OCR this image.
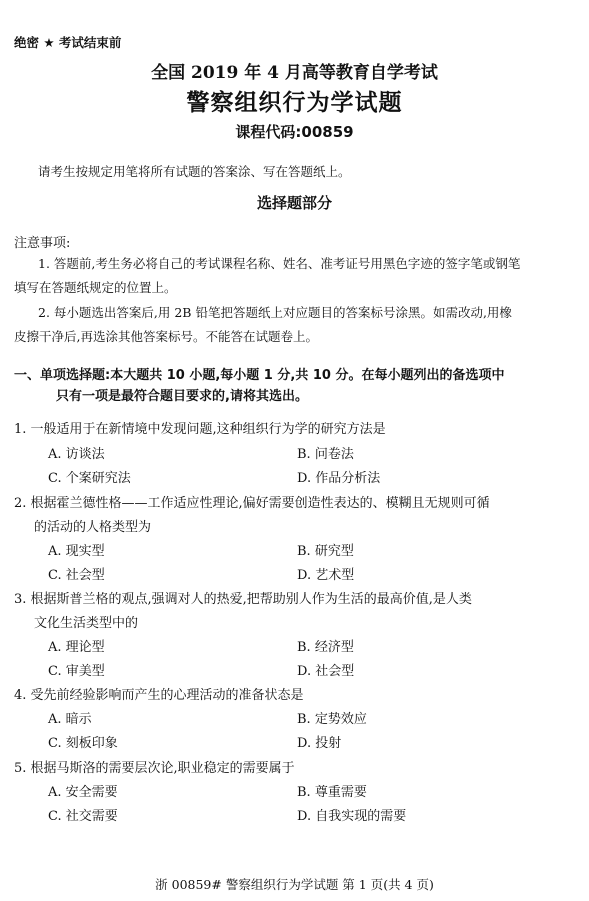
绝密 ★ 考试结束前
全国 2019 年 4 月高等教育自学考试
警察组织行为学试题
课程代码:00859
请考生按规定用笔将所有试题的答案涂、写在答题纸上。
选择题部分
注意事项:
1. 答题前,考生务必将自己的考试课程名称、姓名、准考证号用黑色字迹的签字笔或钢笔
填写在答题纸规定的位置上。
2. 每小题选出答案后,用 2B 铅笔把答题纸上对应题目的答案标号涂黑。如需改动,用橡
皮擦干净后,再选涂其他答案标号。不能答在试题卷上。
一、单项选择题:本大题共 10 小题,每小题 1 分,共 10 分。在每小题列出的备选项中
只有一项是最符合题目要求的,请将其选出。
1. 一般适用于在新情境中发现问题,这种组织行为学的研究方法是
A. 访谈法	B. 问卷法
C. 个案研究法	D. 作品分析法
2. 根据霍兰德性格——工作适应性理论,偏好需要创造性表达的、模糊且无规则可循
的活动的人格类型为
A. 现实型	B. 研究型
C. 社会型	D. 艺术型
3. 根据斯普兰格的观点,强调对人的热爱,把帮助别人作为生活的最高价值,是人类
文化生活类型中的
A. 理论型	B. 经济型
C. 审美型	D. 社会型
4. 受先前经验影响而产生的心理活动的准备状态是
A. 暗示	B. 定势效应
C. 刻板印象	D. 投射
5. 根据马斯洛的需要层次论,职业稳定的需要属于
A. 安全需要	B. 尊重需要
C. 社交需要	D. 自我实现的需要
浙 00859# 警察组织行为学试题 第 1 页(共 4 页)
